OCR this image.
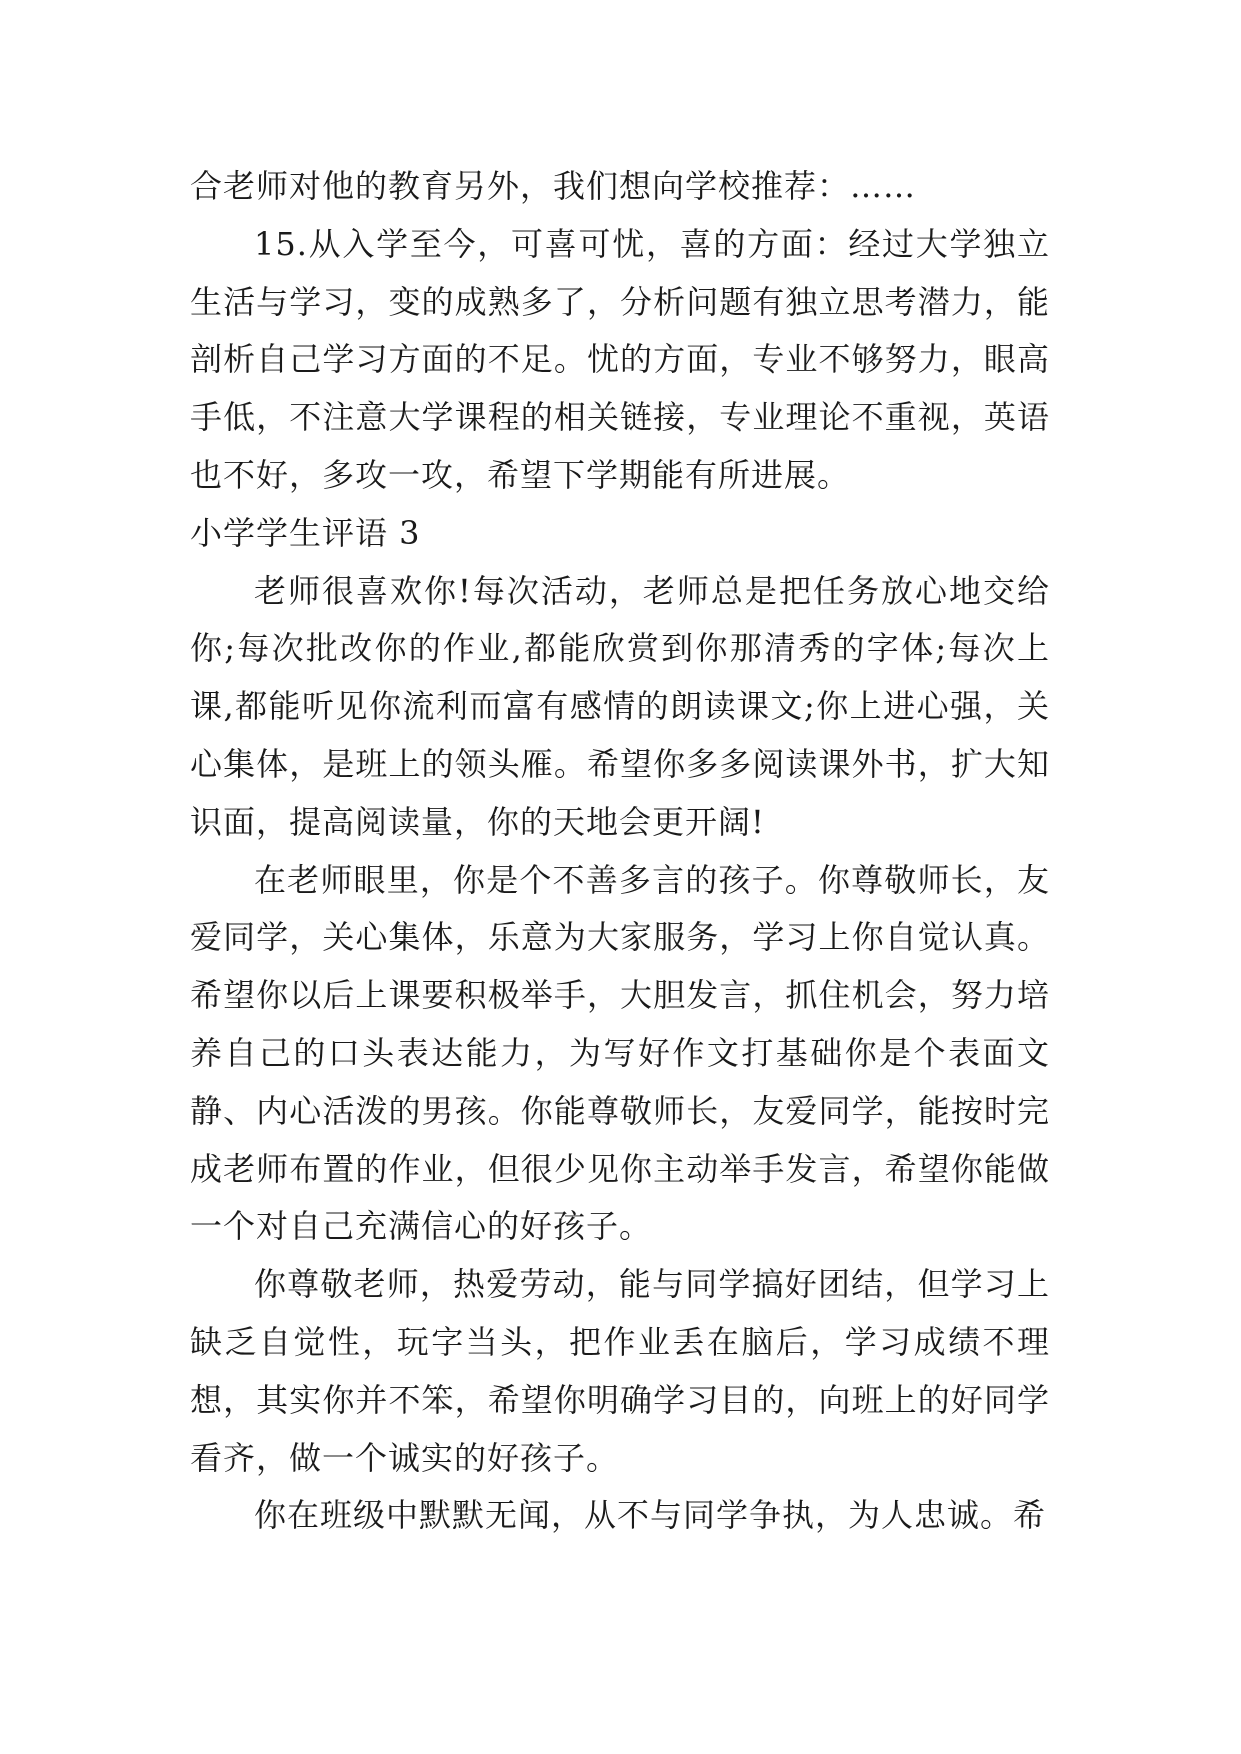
合老师对他的教育另外，我们想向学校推荐：……

15.从入学至今，可喜可忧，喜的方面：经过大学独立生活与学习，变的成熟多了，分析问题有独立思考潜力，能剖析自己学习方面的不足。忧的方面，专业不够努力，眼高手低，不注意大学课程的相关链接，专业理论不重视，英语也不好，多攻一攻，希望下学期能有所进展。

小学学生评语 3

老师很喜欢你!每次活动，老师总是把任务放心地交给你;每次批改你的作业,都能欣赏到你那清秀的字体;每次上课,都能听见你流利而富有感情的朗读课文;你上进心强，关心集体，是班上的领头雁。希望你多多阅读课外书，扩大知识面，提高阅读量，你的天地会更开阔!

在老师眼里，你是个不善多言的孩子。你尊敬师长，友爱同学，关心集体，乐意为大家服务，学习上你自觉认真。希望你以后上课要积极举手，大胆发言，抓住机会，努力培养自己的口头表达能力，为写好作文打基础你是个表面文静、内心活泼的男孩。你能尊敬师长，友爱同学，能按时完成老师布置的作业，但很少见你主动举手发言，希望你能做一个对自己充满信心的好孩子。

你尊敬老师，热爱劳动，能与同学搞好团结，但学习上缺乏自觉性，玩字当头，把作业丢在脑后，学习成绩不理想，其实你并不笨，希望你明确学习目的，向班上的好同学看齐，做一个诚实的好孩子。

你在班级中默默无闻，从不与同学争执，为人忠诚。希
